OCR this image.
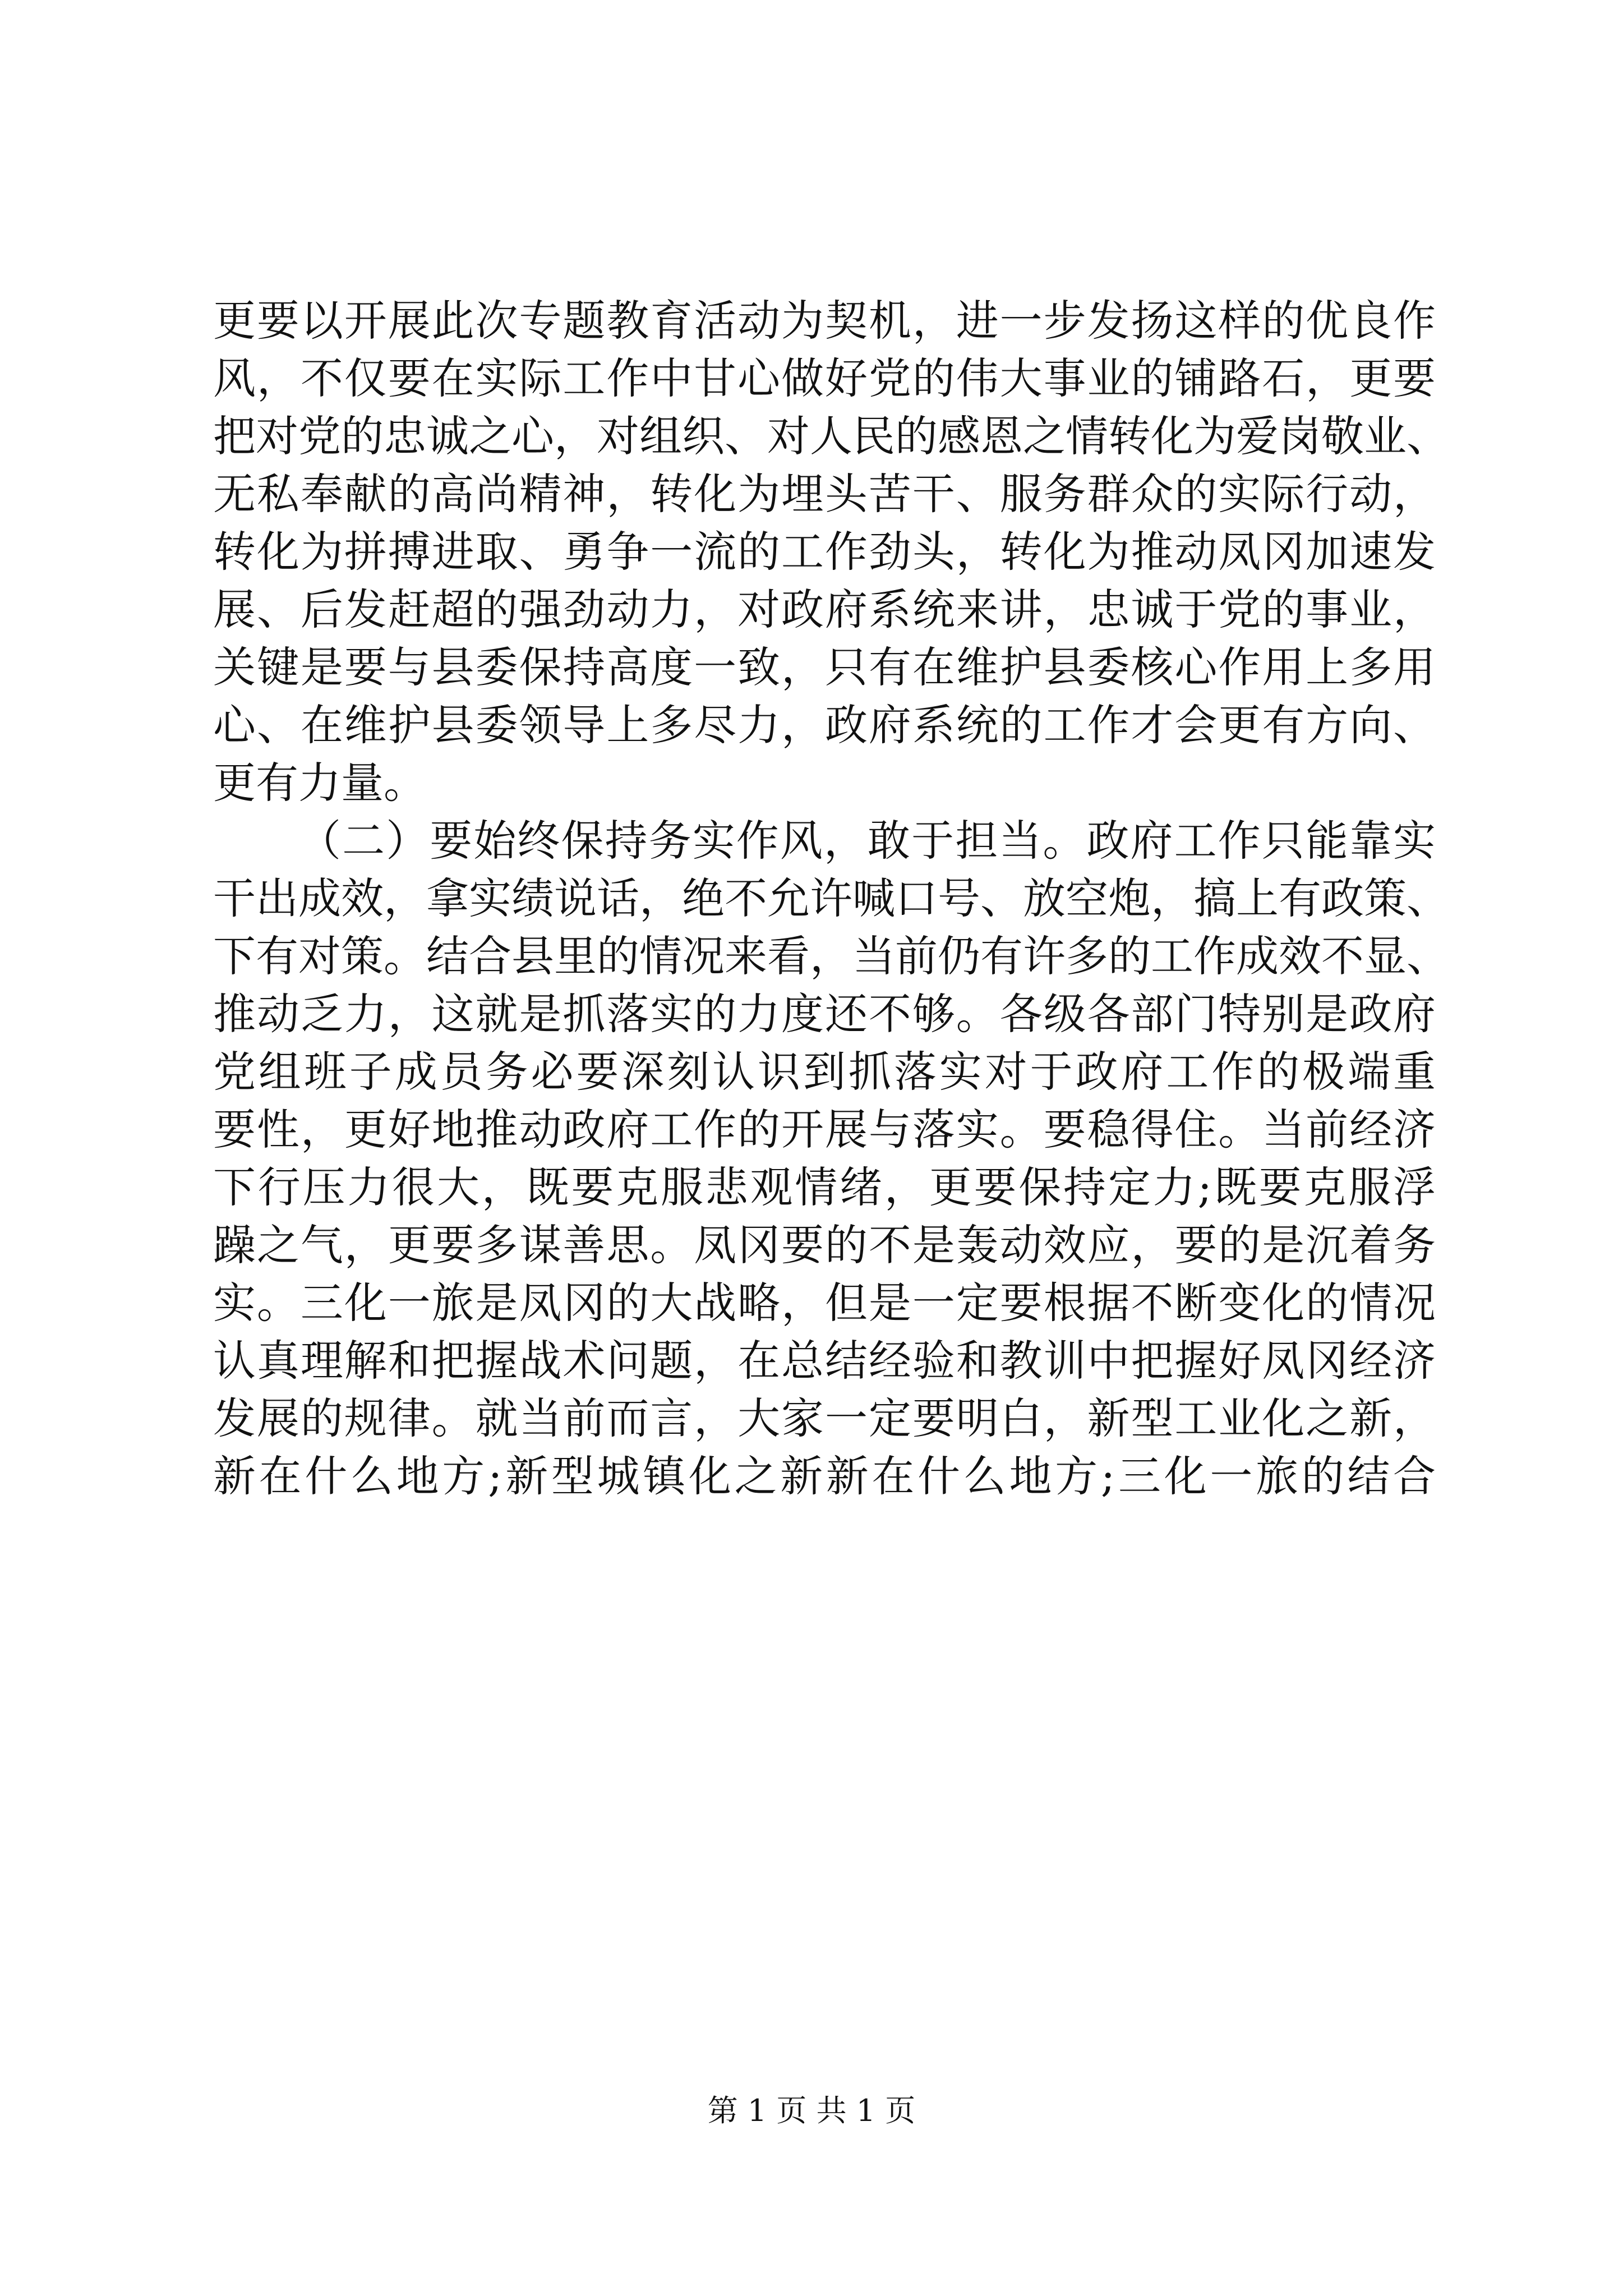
更要以开展此次专题教育活动为契机，进一步发扬这样的优良作
风，不仅要在实际工作中甘心做好党的伟大事业的铺路石，更要
把对党的忠诚之心，对组织、对人民的感恩之情转化为爱岗敬业、
无私奉献的高尚精神，转化为埋头苦干、服务群众的实际行动，
转化为拼搏进取、勇争一流的工作劲头，转化为推动凤冈加速发
展、后发赶超的强劲动力，对政府系统来讲，忠诚于党的事业，
关键是要与县委保持高度一致，只有在维护县委核心作用上多用
心、在维护县委领导上多尽力，政府系统的工作才会更有方向、
更有力量。
（二）要始终保持务实作风，敢于担当。政府工作只能靠实
干出成效，拿实绩说话，绝不允许喊口号、放空炮，搞上有政策、
下有对策。结合县里的情况来看，当前仍有许多的工作成效不显、
推动乏力，这就是抓落实的力度还不够。各级各部门特别是政府
党组班子成员务必要深刻认识到抓落实对于政府工作的极端重
要性，更好地推动政府工作的开展与落实。要稳得住。当前经济
下行压力很大，既要克服悲观情绪，更要保持定力;既要克服浮
躁之气，更要多谋善思。凤冈要的不是轰动效应，要的是沉着务
实。三化一旅是凤冈的大战略，但是一定要根据不断变化的情况
认真理解和把握战术问题，在总结经验和教训中把握好凤冈经济
发展的规律。就当前而言，大家一定要明白，新型工业化之新，
新在什么地方;新型城镇化之新新在什么地方;三化一旅的结合
第 1 页 共 1 页
